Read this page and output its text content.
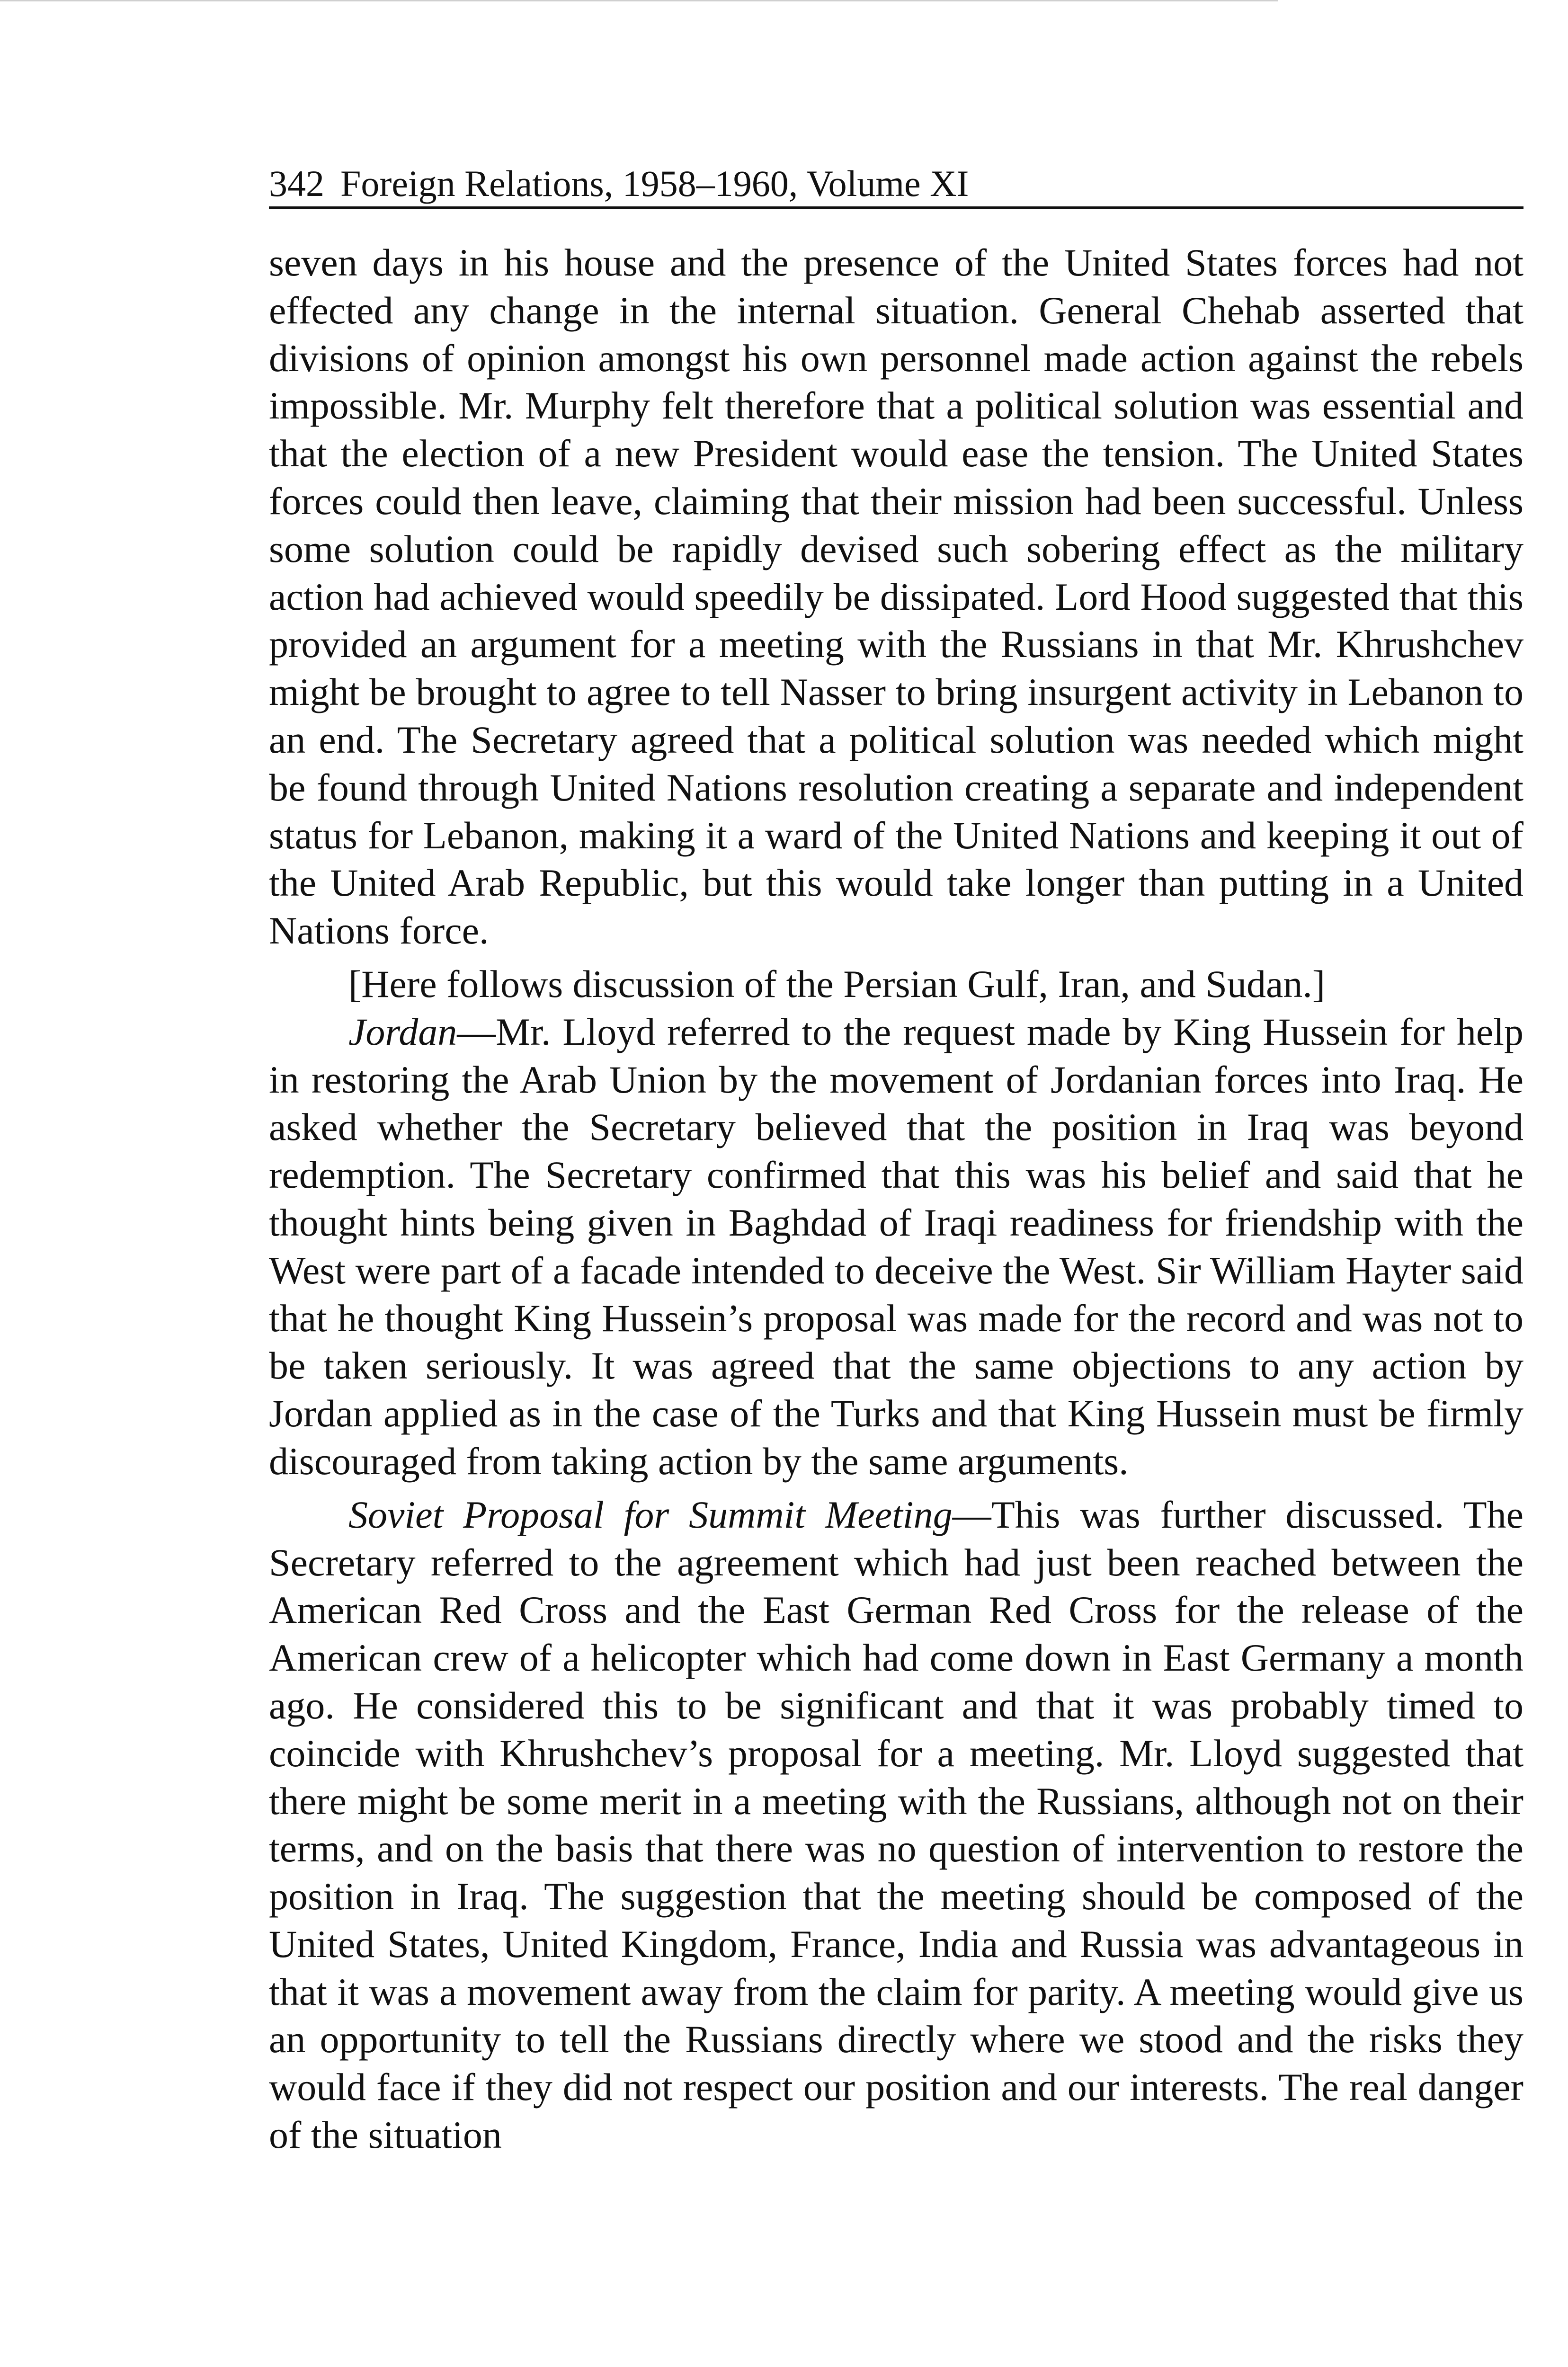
342 Foreign Relations, 1958–1960, Volume XI

seven days in his house and the presence of the United States forces had not effected any change in the internal situation. General Chehab asserted that divisions of opinion amongst his own personnel made action against the rebels impossible. Mr. Murphy felt therefore that a political solution was essential and that the election of a new President would ease the tension. The United States forces could then leave, claiming that their mission had been successful. Unless some solution could be rapidly devised such sobering effect as the military action had achieved would speedily be dissipated. Lord Hood suggested that this provided an argument for a meeting with the Russians in that Mr. Khrushchev might be brought to agree to tell Nasser to bring insurgent activity in Lebanon to an end. The Secretary agreed that a political solution was needed which might be found through United Nations resolution creating a separate and independent status for Lebanon, making it a ward of the United Nations and keeping it out of the United Arab Republic, but this would take longer than putting in a United Nations force.

[Here follows discussion of the Persian Gulf, Iran, and Sudan.]

Jordan—Mr. Lloyd referred to the request made by King Hussein for help in restoring the Arab Union by the movement of Jordanian forces into Iraq. He asked whether the Secretary believed that the position in Iraq was beyond redemption. The Secretary confirmed that this was his belief and said that he thought hints being given in Baghdad of Iraqi readiness for friendship with the West were part of a facade intended to deceive the West. Sir William Hayter said that he thought King Hussein’s proposal was made for the record and was not to be taken seriously. It was agreed that the same objections to any action by Jordan applied as in the case of the Turks and that King Hussein must be firmly discouraged from taking action by the same arguments.

Soviet Proposal for Summit Meeting—This was further discussed. The Secretary referred to the agreement which had just been reached between the American Red Cross and the East German Red Cross for the release of the American crew of a helicopter which had come down in East Germany a month ago. He considered this to be significant and that it was probably timed to coincide with Khrushchev’s proposal for a meeting. Mr. Lloyd suggested that there might be some merit in a meeting with the Russians, although not on their terms, and on the basis that there was no question of intervention to restore the position in Iraq. The suggestion that the meeting should be composed of the United States, United Kingdom, France, India and Russia was advantageous in that it was a movement away from the claim for parity. A meeting would give us an opportunity to tell the Russians directly where we stood and the risks they would face if they did not respect our position and our interests. The real danger of the situation
